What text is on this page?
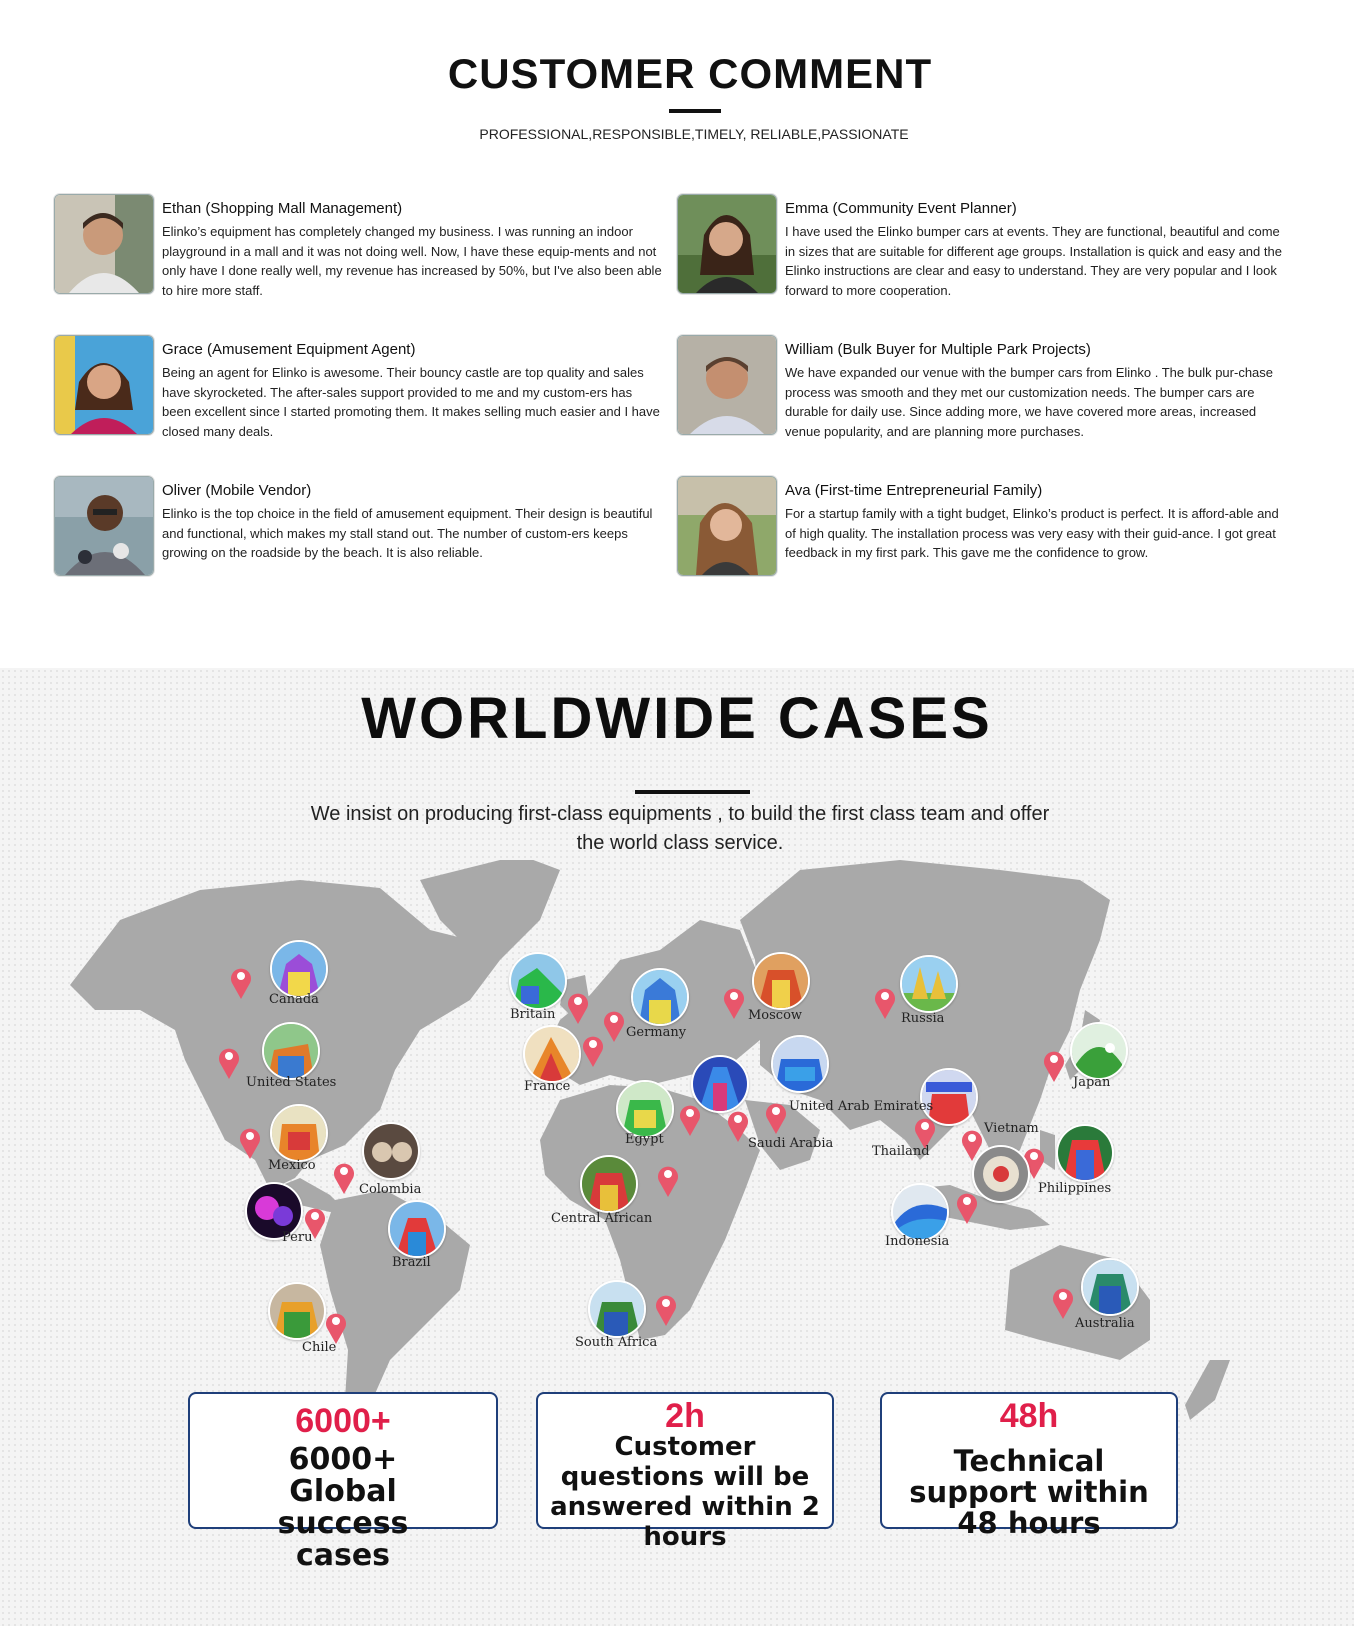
CUSTOMER COMMENT
PROFESSIONAL,RESPONSIBLE,TIMELY, RELIABLE,PASSIONATE
Ethan (Shopping Mall Management)
Elinko’s equipment has completely changed my business. I was running an indoor playground in a mall and it was not doing well. Now, I have these equip-ments and not only have I done really well, my revenue has increased by 50%, but I've also been able to hire more staff.
Emma (Community Event Planner)
I have used the Elinko bumper cars at events. They are functional, beautiful and come in sizes that are suitable for different age groups. Installation is quick and easy and the Elinko instructions are clear and easy to understand. They are very popular and I look forward to more cooperation.
Grace (Amusement Equipment Agent)
Being an agent for Elinko is awesome. Their bouncy castle are top quality and sales have skyrocketed. The after-sales support provided to me and my custom-ers has been excellent since I started promoting them. It makes selling much easier and I have closed many deals.
William (Bulk Buyer for Multiple Park Projects)
We have expanded our venue with the bumper cars from Elinko . The bulk pur-chase process was smooth and they met our customization needs. The bumper cars are durable for daily use. Since adding more, we have covered more areas, increased venue popularity, and are planning more purchases.
Oliver (Mobile Vendor)
Elinko is the top choice in the field of amusement equipment. Their design is beautiful and functional, which makes my stall stand out. The number of custom-ers keeps growing on the roadside by the beach. It is also reliable.
Ava (First-time Entrepreneurial Family)
For a startup family with a tight budget, Elinko’s product is perfect. It is afford-able and of high quality. The installation process was very easy with their guid-ance. I got great feedback in my first park. This gave me the confidence to grow.
WORLDWIDE CASES
We insist on producing first-class equipments , to build the first class team and offer the world class service.
Canada
United States
Mexico
Colombia
Peru
Brazil
Chile
Britain
Germany
France
Moscow	Russia
Egypt	Saudi Arabia
United Arab Emirates
Central African
South Africa
Japan
Vietnam
Thailand
Philippines
Indonesia
Australia
6000+
6000+ Global success cases
2h
Customer questions will be answered within 2 hours
48h
Technical support within 48 hours
